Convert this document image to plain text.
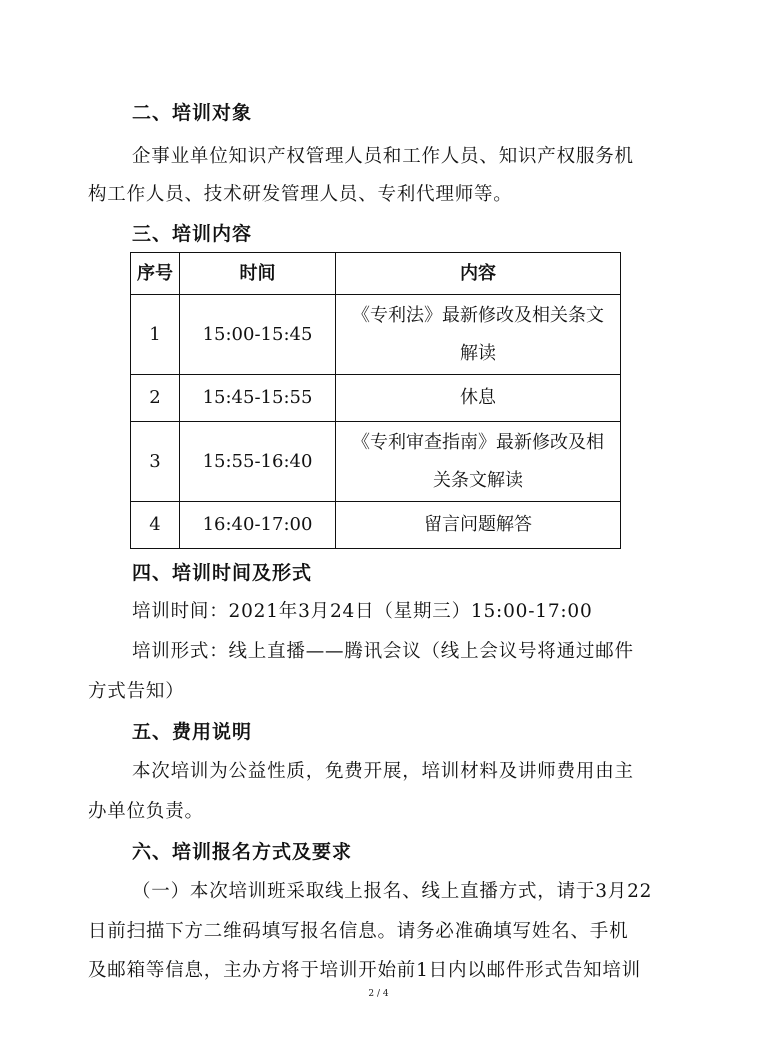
二、培训对象
企事业单位知识产权管理人员和工作人员、知识产权服务机
构工作人员、技术研发管理人员、专利代理师等。
三、培训内容
序号	时间	内容
1	15:00-15:45	《专利法》最新修改及相关条文
解读

2	15:45-15:55	休息
3	15:55-16:40	《专利审查指南》最新修改及相
关条文解读

4	16:40-17:00	留言问题解答
四、培训时间及形式
培训时间：2021年3月24日（星期三）15:00-17:00
培训形式：线上直播——腾讯会议（线上会议号将通过邮件
方式告知）
五、费用说明
本次培训为公益性质，免费开展，培训材料及讲师费用由主
办单位负责。
六、培训报名方式及要求
（一）本次培训班采取线上报名、线上直播方式，请于3月22
日前扫描下方二维码填写报名信息。请务必准确填写姓名、手机
及邮箱等信息，主办方将于培训开始前1日内以邮件形式告知培训
2 / 4
